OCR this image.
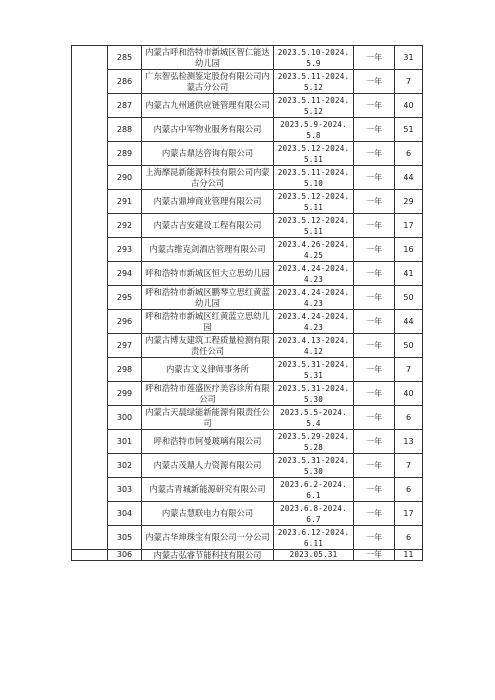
	285	内蒙古呼和浩特市新城区智仁能达幼儿园	2023.5.10-2024.5.9	一年	31
	286	广东智弘检测鉴定股份有限公司内蒙古分公司	2023.5.11-2024.5.12	一年	7
	287	内蒙古九州通供应链管理有限公司	2023.5.11-2024.5.12	一年	40
	288	内蒙古中军物业服务有限公司	2023.5.9-2024.5.8	一年	51
	289	内蒙古鼎达咨询有限公司	2023.5.12-2024.5.11	一年	6
	290	上海摩昆新能源科技有限公司内蒙古分公司	2023.5.11-2024.5.10	一年	44
	291	内蒙古鼎坤商业管理有限公司	2023.5.12-2024.5.11	一年	29
	292	内蒙古吉安建设工程有限公司	2023.5.12-2024.5.11	一年	17
	293	内蒙古维克剑酒店管理有限公司	2023.4.26-2024.4.25	一年	16
	294	呼和浩特市新城区恒大立思幼儿园	2023.4.24-2024.4.23	一年	41
	295	呼和浩特市新城区鹏琴立思红黄蓝幼儿园	2023.4.24-2024.4.23	一年	50
	296	呼和浩特市新城区红黄蓝立思幼儿园	2023.4.24-2024.4.23	一年	44
	297	内蒙古博友建筑工程质量检测有限责任公司	2023.4.13-2024.4.12	一年	50
	298	内蒙古文义律师事务所	2023.5.31-2024.5.31	一年	7
	299	呼和浩特市莲盛医疗美容诊所有限公司	2023.5.31-2024.5.30	一年	40
	300	内蒙古天晨绿能新能源有限责任公司	2023.5.5-2024.5.4	一年	6
	301	呼和浩特市钶曼玻璃有限公司	2023.5.29-2024.5.28	一年	13
	302	内蒙古茂鼎人力资源有限公司	2023.5.31-2024.5.30	一年	7
	303	内蒙古青城新能源研究有限公司	2023.6.2-2024.6.1	一年	6
	304	内蒙古慧联电力有限公司	2023.6.8-2024.6.7	一年	17
	305	内蒙古华坤珠宝有限公司一分公司	2023.6.12-2024.6.11	一年	6
	306	内蒙古弘睿节能科技有限公司	2023.05.31	一年	11
